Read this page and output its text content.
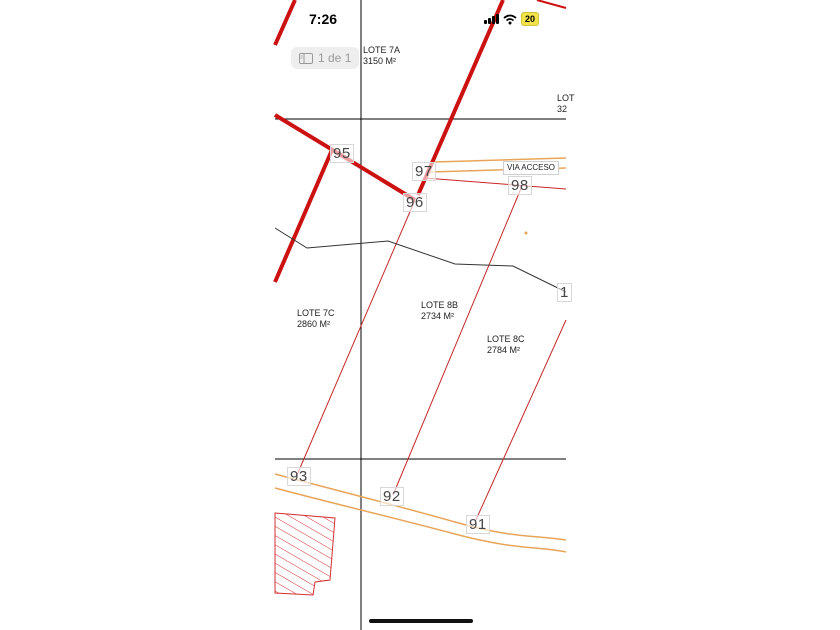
7:26	20
1 de 1
LOTE 7A
3150 M²
LOT
32
LOTE 7C
2860 M²
LOTE 8B
2734 M²
LOTE 8C
2784 M²
VIA ACCESO
95
96
97
98
93
92
91
1
